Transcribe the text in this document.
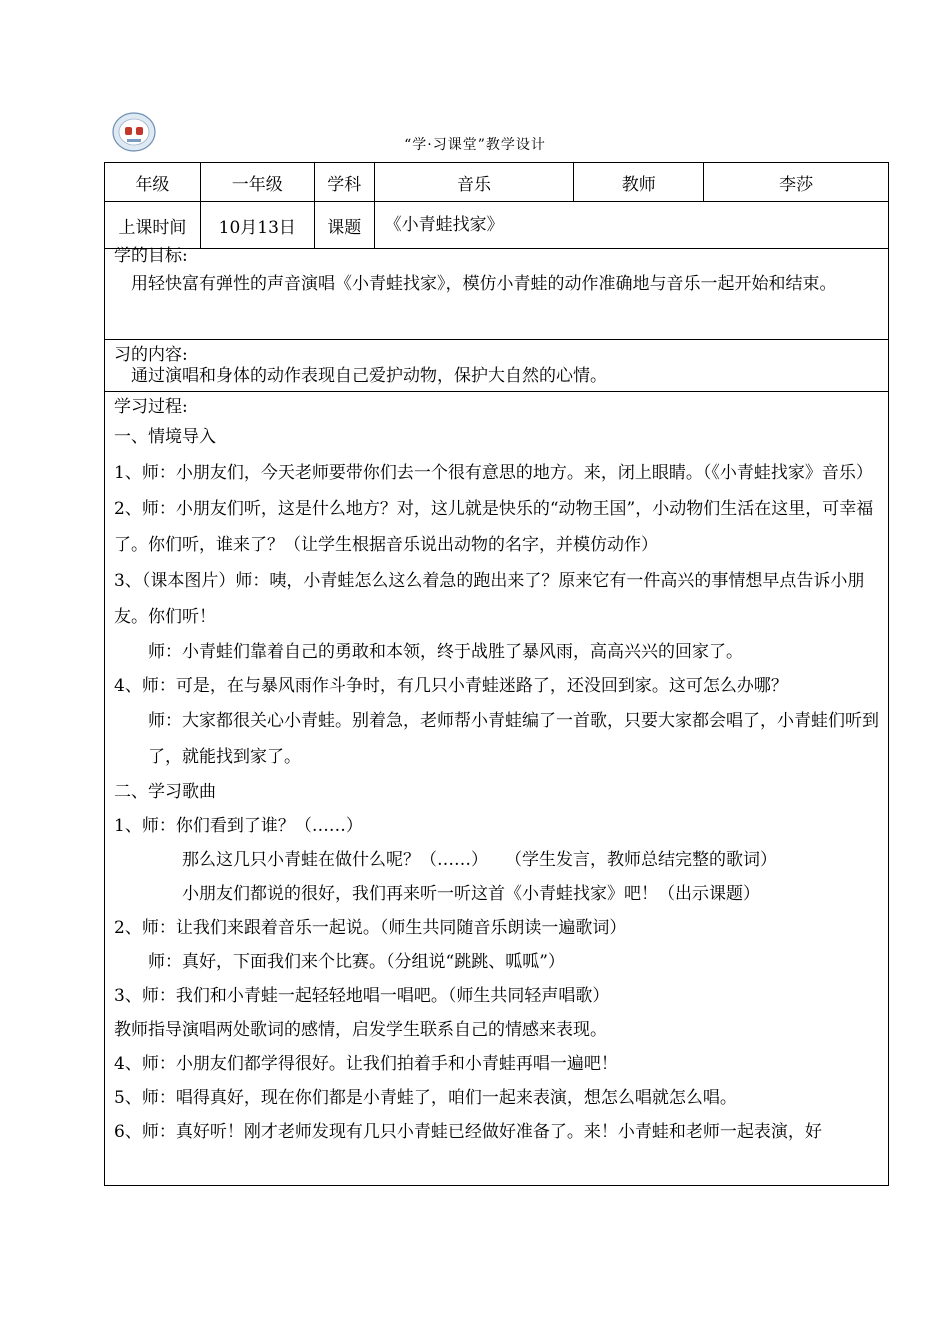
“学·习课堂”教学设计
年级	一年级	学科	音乐	教师	李莎
上课时间	10月13日	课题	《小青蛙找家》		
学的目标:
用轻快富有弹性的声音演唱《小青蛙找家》，模仿小青蛙的动作准确地与音乐一起开始和结束。
习的内容:
通过演唱和身体的动作表现自己爱护动物，保护大自然的心情。
学习过程:
一、情境导入
1、师：小朋友们，今天老师要带你们去一个很有意思的地方。来，闭上眼睛。（《小青蛙找家》音乐）
2、师：小朋友们听，这是什么地方？对，这儿就是快乐的“动物王国”，小动物们生活在这里，可幸福了。你们听，谁来了？（让学生根据音乐说出动物的名字，并模仿动作）
3、（课本图片）师：咦，小青蛙怎么这么着急的跑出来了？原来它有一件高兴的事情想早点告诉小朋友。你们听！
师：小青蛙们靠着自己的勇敢和本领，终于战胜了暴风雨，高高兴兴的回家了。
4、师：可是，在与暴风雨作斗争时，有几只小青蛙迷路了，还没回到家。这可怎么办哪？
师：大家都很关心小青蛙。别着急，老师帮小青蛙编了一首歌，只要大家都会唱了，小青蛙们听到了，就能找到家了。
二、学习歌曲
1、师：你们看到了谁？（……）
那么这几只小青蛙在做什么呢？（……）　　（学生发言，教师总结完整的歌词）
小朋友们都说的很好，我们再来听一听这首《小青蛙找家》吧！（出示课题）
2、师：让我们来跟着音乐一起说。（师生共同随音乐朗读一遍歌词）
师：真好，下面我们来个比赛。（分组说“跳跳、呱呱”）
3、师：我们和小青蛙一起轻轻地唱一唱吧。（师生共同轻声唱歌）
教师指导演唱两处歌词的感情，启发学生联系自己的情感来表现。
4、师：小朋友们都学得很好。让我们拍着手和小青蛙再唱一遍吧！
5、师：唱得真好，现在你们都是小青蛙了，咱们一起来表演，想怎么唱就怎么唱。
6、师：真好听！刚才老师发现有几只小青蛙已经做好准备了。来！小青蛙和老师一起表演，好
